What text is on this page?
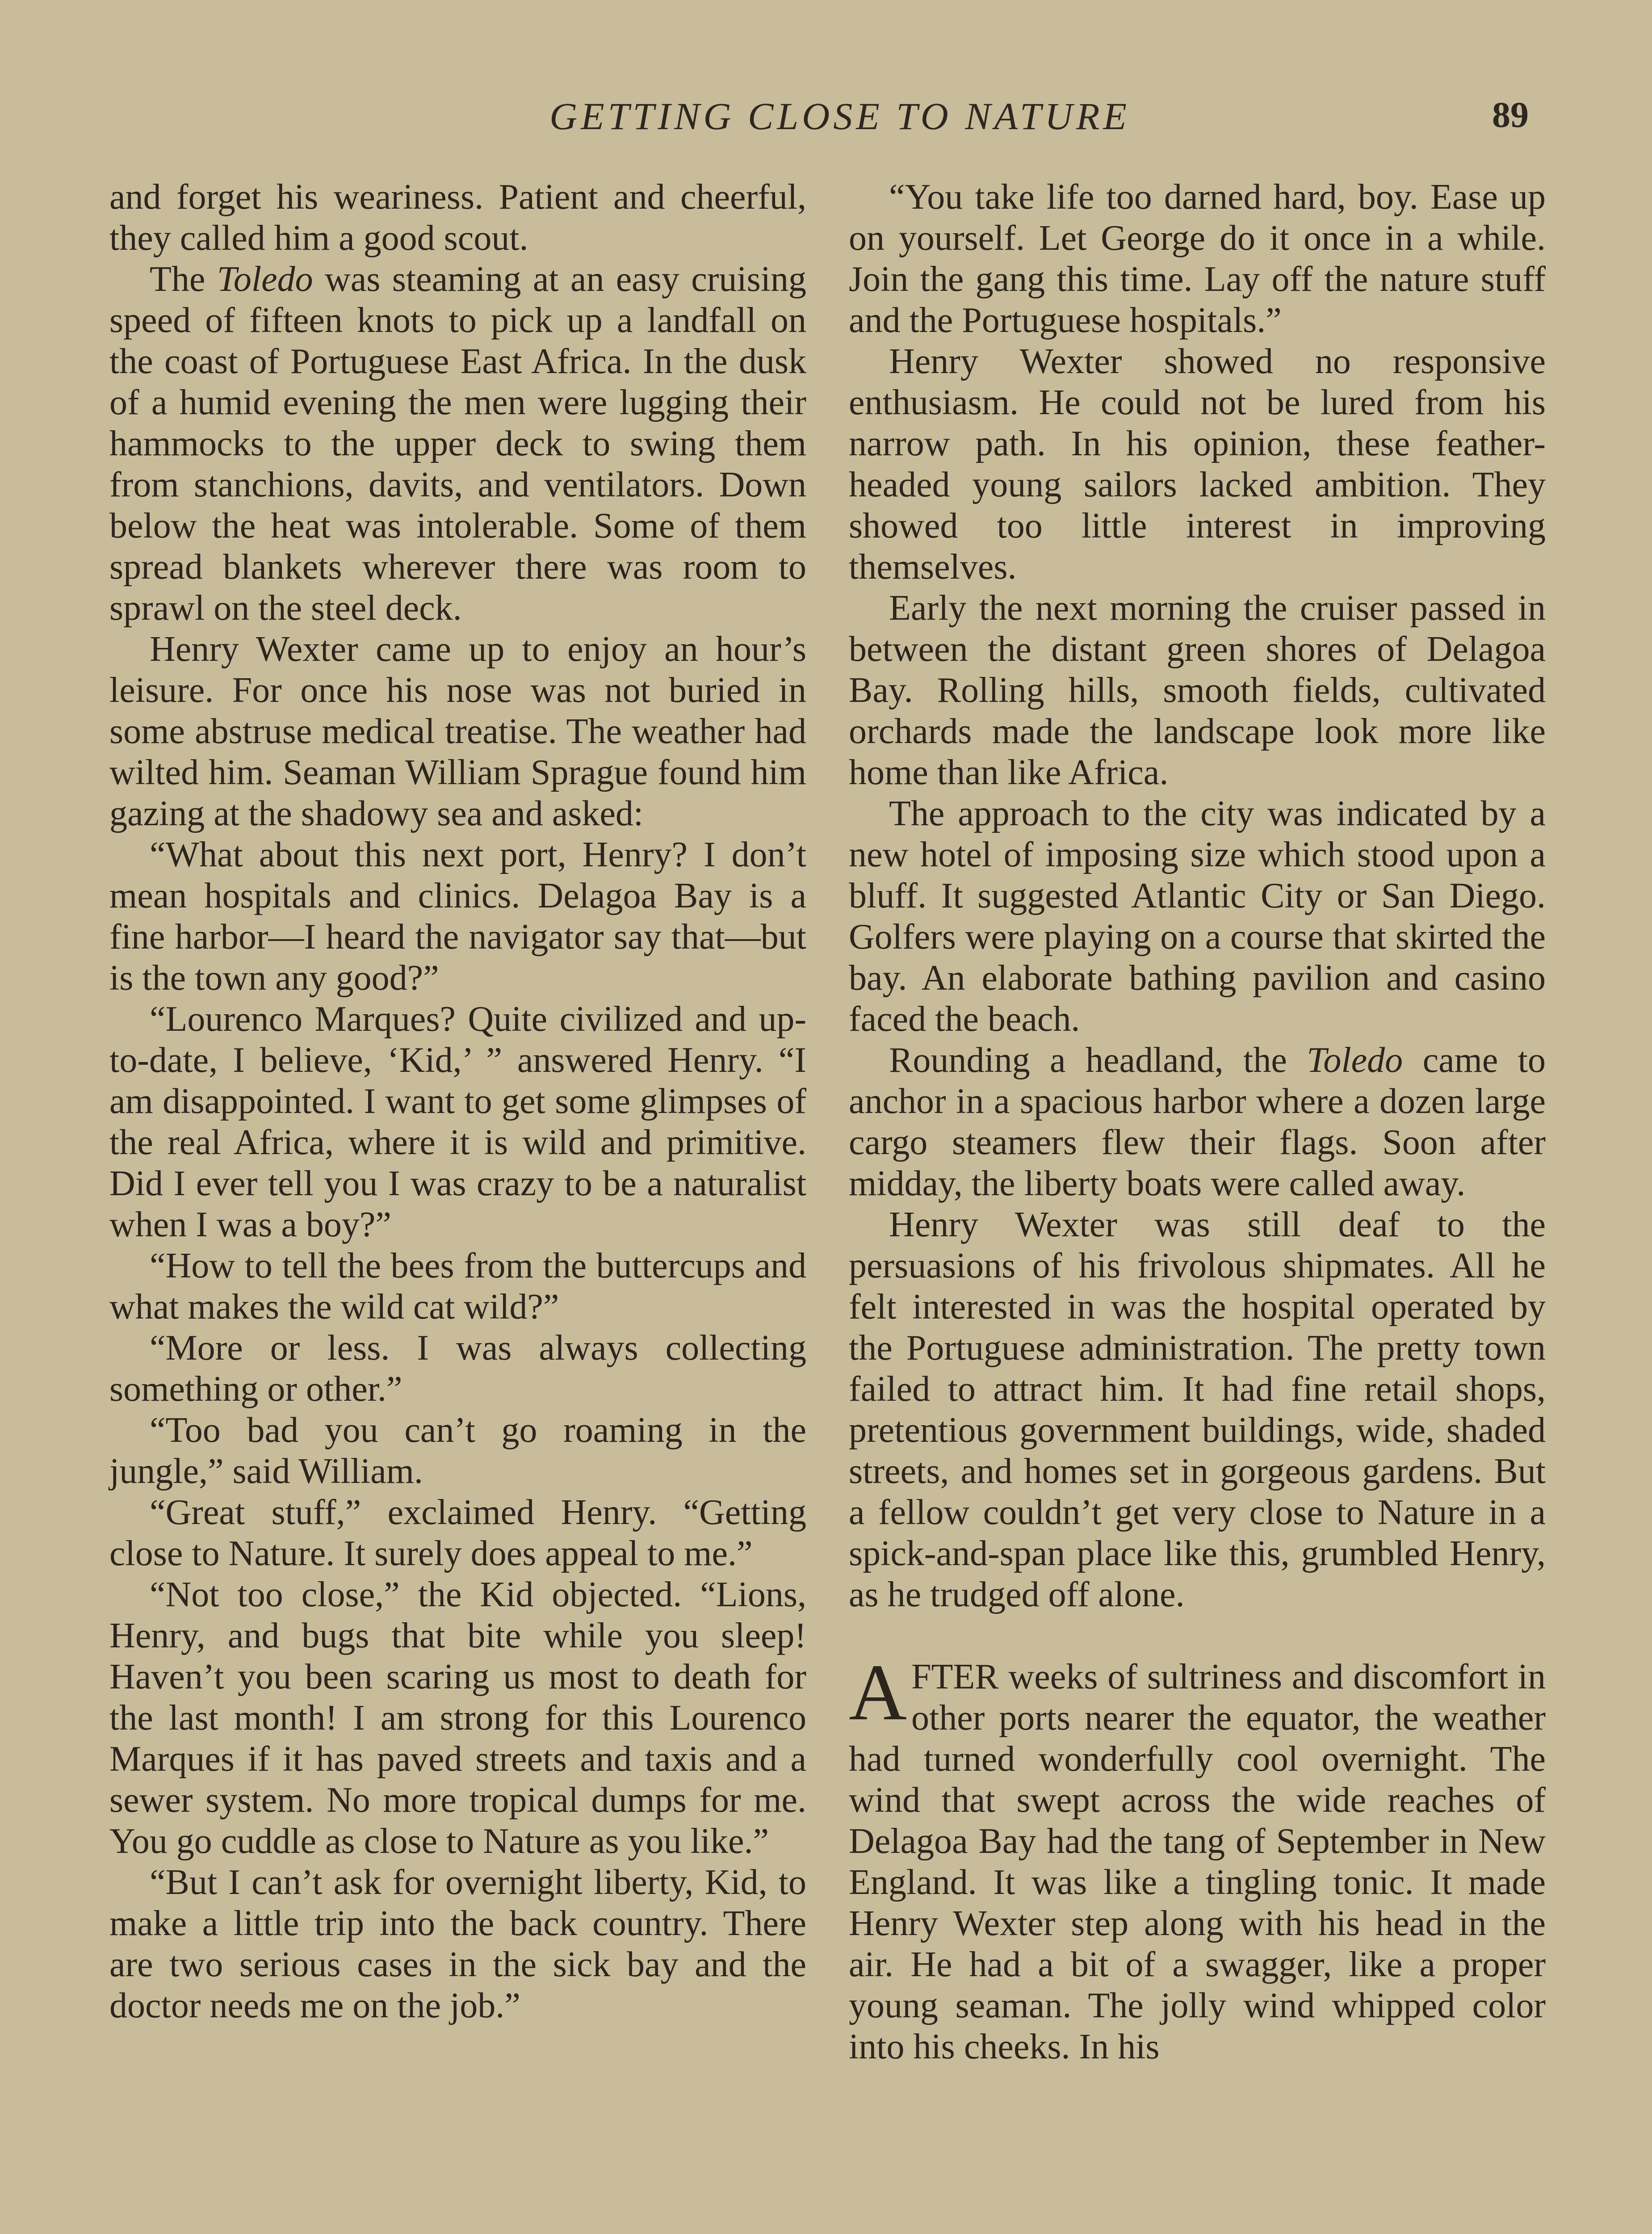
GETTING CLOSE TO NATURE	89

and forget his weariness. Patient and cheerful, they called him a good scout.

The Toledo was steaming at an easy cruising speed of fifteen knots to pick up a landfall on the coast of Portuguese East Africa. In the dusk of a humid evening the men were lugging their hammocks to the upper deck to swing them from stanchions, davits, and ventilators. Down below the heat was intolerable. Some of them spread blankets wherever there was room to sprawl on the steel deck.

Henry Wexter came up to enjoy an hour’s leisure. For once his nose was not buried in some abstruse medical treatise. The weather had wilted him. Seaman William Sprague found him gazing at the shadowy sea and asked:

“What about this next port, Henry? I don’t mean hospitals and clinics. Delagoa Bay is a fine harbor—I heard the navigator say that—but is the town any good?”

“Lourenco Marques? Quite civilized and up-to-date, I believe, ‘Kid,’ ” answered Henry. “I am disappointed. I want to get some glimpses of the real Africa, where it is wild and primitive. Did I ever tell you I was crazy to be a naturalist when I was a boy?”

“How to tell the bees from the buttercups and what makes the wild cat wild?”

“More or less. I was always collecting something or other.”

“Too bad you can’t go roaming in the jungle,” said William.

“Great stuff,” exclaimed Henry. “Getting close to Nature. It surely does appeal to me.”

“Not too close,” the Kid objected. “Lions, Henry, and bugs that bite while you sleep! Haven’t you been scaring us most to death for the last month! I am strong for this Lourenco Marques if it has paved streets and taxis and a sewer system. No more tropical dumps for me. You go cuddle as close to Nature as you like.”

“But I can’t ask for overnight liberty, Kid, to make a little trip into the back country. There are two serious cases in the sick bay and the doctor needs me on the job.”

“You take life too darned hard, boy. Ease up on yourself. Let George do it once in a while. Join the gang this time. Lay off the nature stuff and the Portuguese hospitals.”

Henry Wexter showed no responsive enthusiasm. He could not be lured from his narrow path. In his opinion, these feather-headed young sailors lacked ambition. They showed too little interest in improving themselves.

Early the next morning the cruiser passed in between the distant green shores of Delagoa Bay. Rolling hills, smooth fields, cultivated orchards made the landscape look more like home than like Africa.

The approach to the city was indicated by a new hotel of imposing size which stood upon a bluff. It suggested Atlantic City or San Diego. Golfers were playing on a course that skirted the bay. An elaborate bathing pavilion and casino faced the beach.

Rounding a headland, the Toledo came to anchor in a spacious harbor where a dozen large cargo steamers flew their flags. Soon after midday, the liberty boats were called away.

Henry Wexter was still deaf to the persuasions of his frivolous shipmates. All he felt interested in was the hospital operated by the Portuguese administration. The pretty town failed to attract him. It had fine retail shops, pretentious government buildings, wide, shaded streets, and homes set in gorgeous gardens. But a fellow couldn’t get very close to Nature in a spick-and-span place like this, grumbled Henry, as he trudged off alone.

AFTER weeks of sultriness and discomfort in other ports nearer the equator, the weather had turned wonderfully cool overnight. The wind that swept across the wide reaches of Delagoa Bay had the tang of September in New England. It was like a tingling tonic. It made Henry Wexter step along with his head in the air. He had a bit of a swagger, like a proper young seaman. The jolly wind whipped color into his cheeks. In his
